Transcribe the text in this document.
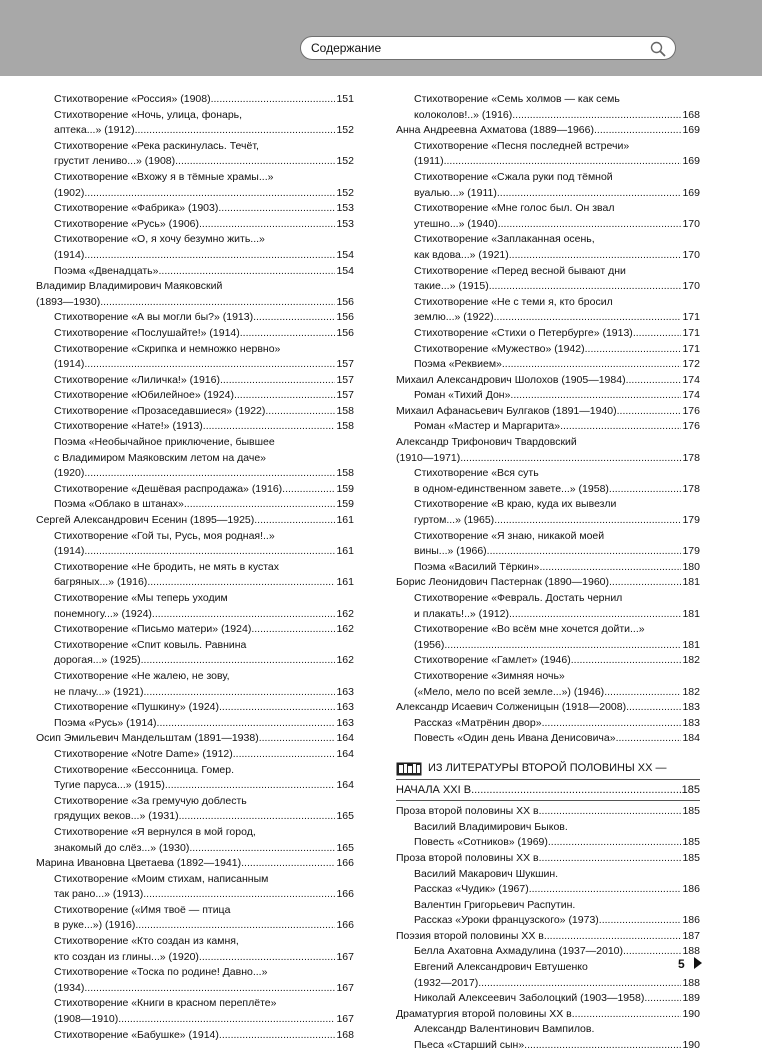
Содержание
Стихотворение «Россия» (1908) .....	151
Стихотворение «Ночь, улица, фонарь,
аптека...» (1912) .....	152
Стихотворение «Река раскинулась. Течёт,
грустит лениво...» (1908) .....	152
Стихотворение «Вхожу я в тёмные храмы...»
(1902) .....	152
Стихотворение «Фабрика» (1903) .....	153
Стихотворение «Русь» (1906) .....	153
Стихотворение «О, я хочу безумно жить...»
(1914) .....	154
Поэма «Двенадцать» .....	154
Владимир Владимирович Маяковский
(1893—1930) .....	156
Стихотворение «А вы могли бы?» (1913) .....	156
Стихотворение «Послушайте!» (1914) .....	156
Стихотворение «Скрипка и немножко нервно»
(1914) .....	157
Стихотворение «Лиличка!» (1916) .....	157
Стихотворение «Юбилейное» (1924) .....	157
Стихотворение «Прозаседавшиеся» (1922) .....	158
Стихотворение «Нате!» (1913) .....	158
Поэма «Необычайное приключение, бывшее
с Владимиром Маяковским летом на даче»
(1920) .....	158
Стихотворение «Дешёвая распродажа» (1916) .....	159
Поэма «Облако в штанах» .....	159
Сергей Александрович Есенин (1895—1925) .....	161
Стихотворение «Гой ты, Русь, моя родная!..»
(1914) .....	161
Стихотворение «Не бродить, не мять в кустах
багряных...» (1916) .....	161
Стихотворение «Мы теперь уходим
понемногу...» (1924) .....	162
Стихотворение «Письмо матери» (1924) .....	162
Стихотворение «Спит ковыль. Равнина
дорогая...» (1925) .....	162
Стихотворение «Не жалею, не зову,
не плачу...» (1921) .....	163
Стихотворение «Пушкину» (1924) .....	163
Поэма «Русь» (1914) .....	163
Осип Эмильевич Мандельштам (1891—1938) .....	164
Стихотворение «Notre Dame» (1912) .....	164
Стихотворение «Бессонница. Гомер.
Тугие паруса...» (1915) .....	164
Стихотворение «За гремучую доблесть
грядущих веков...» (1931) .....	165
Стихотворение «Я вернулся в мой город,
знакомый до слёз...» (1930) .....	165
Марина Ивановна Цветаева (1892—1941) .....	166
Стихотворение «Моим стихам, написанным
так рано...» (1913) .....	166
Стихотворение («Имя твоё — птица
в руке...») (1916) .....	166
Стихотворение «Кто создан из камня,
кто создан из глины...» (1920) .....	167
Стихотворение «Тоска по родине! Давно...»
(1934) .....	167
Стихотворение «Книги в красном переплёте»
(1908—1910) .....	167
Стихотворение «Бабушке» (1914) .....	168
Стихотворение «Семь холмов — как семь
колоколов!..» (1916) .....	168
Анна Андреевна Ахматова (1889—1966) .....	169
Стихотворение «Песня последней встречи»
(1911) .....	169
Стихотворение «Сжала руки под тёмной
вуалью...» (1911) .....	169
Стихотворение «Мне голос был. Он звал
утешно...» (1940) .....	170
Стихотворение «Заплаканная осень,
как вдова...» (1921) .....	170
Стихотворение «Перед весной бывают дни
такие...» (1915) .....	170
Стихотворение «Не с теми я, кто бросил
землю...» (1922) .....	171
Стихотворение «Стихи о Петербурге» (1913) .....	171
Стихотворение «Мужество» (1942) .....	171
Поэма «Реквием» .....	172
Михаил Александрович Шолохов (1905—1984) .....	174
Роман «Тихий Дон» .....	174
Михаил Афанасьевич Булгаков (1891—1940) .....	176
Роман «Мастер и Маргарита» .....	176
Александр Трифонович Твардовский
(1910—1971) .....	178
Стихотворение «Вся суть
в одном-единственном завете...» (1958) .....	178
Стихотворение «В краю, куда их вывезли
гуртом...» (1965) .....	179
Стихотворение «Я знаю, никакой моей
вины...» (1966) .....	179
Поэма «Василий Тёркин» .....	180
Борис Леонидович Пастернак (1890—1960) .....	181
Стихотворение «Февраль. Достать чернил
и плакать!..» (1912) .....	181
Стихотворение «Во всём мне хочется дойти...»
(1956) .....	181
Стихотворение «Гамлет» (1946) .....	182
Стихотворение «Зимняя ночь»
(«Мело, мело по всей земле...») (1946) .....	182
Александр Исаевич Солженицын (1918—2008) .....	183
Рассказ «Матрёнин двор» .....	183
Повесть «Один день Ивана Денисовича» .....	184
ИЗ ЛИТЕРАТУРЫ ВТОРОЙ ПОЛОВИНЫ XX —
НАЧАЛА XXI В. .....	185
Проза второй половины XX в. .....	185
Василий Владимирович Быков.
Повесть «Сотников» (1969) .....	185
Проза второй половины XX в. .....	185
Василий Макарович Шукшин.
Рассказ «Чудик» (1967) .....	186
Валентин Григорьевич Распутин.
Рассказ «Уроки французского» (1973) .....	186
Поэзия второй половины XX в. .....	187
Белла Ахатовна Ахмадулина (1937—2010) .....	188
Евгений Александрович Евтушенко
(1932—2017) .....	188
Николай Алексеевич Заболоцкий (1903—1958) .....	189
Драматургия второй половины XX в. .....	190
Александр Валентинович Вампилов.
Пьеса «Старший сын» .....	190
5
